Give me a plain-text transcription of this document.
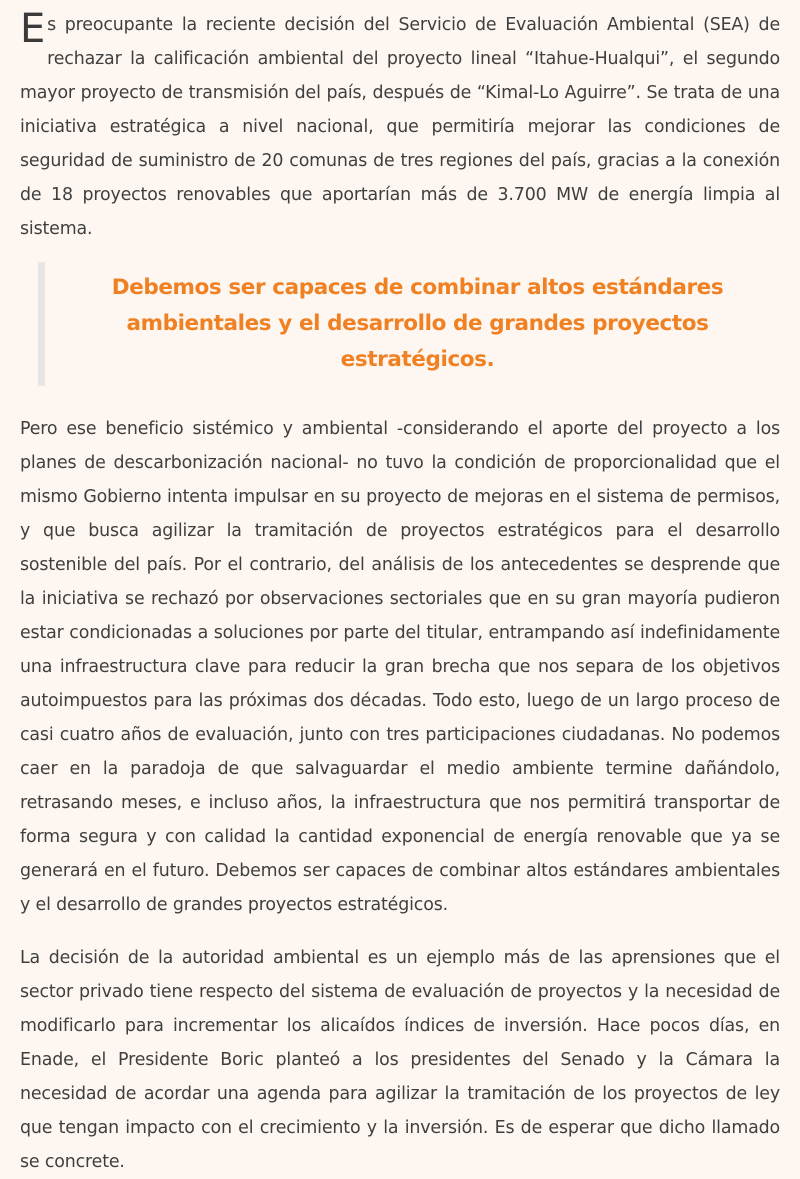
Es preocupante la reciente decisión del Servicio de Evaluación Ambiental (SEA) de rechazar la calificación ambiental del proyecto lineal “Itahue-Hualqui”, el segundo mayor proyecto de transmisión del país, después de “Kimal-Lo Aguirre”. Se trata de una iniciativa estratégica a nivel nacional, que permitiría mejorar las condiciones de seguridad de suministro de 20 comunas de tres regiones del país, gracias a la conexión de 18 proyectos renovables que aportarían más de 3.700 MW de energía limpia al sistema.

Debemos ser capaces de combinar altos estándares ambientales y el desarrollo de grandes proyectos estratégicos.

Pero ese beneficio sistémico y ambiental -considerando el aporte del proyecto a los planes de descarbonización nacional- no tuvo la condición de proporcionalidad que el mismo Gobierno intenta impulsar en su proyecto de mejoras en el sistema de permisos, y que busca agilizar la tramitación de proyectos estratégicos para el desarrollo sostenible del país. Por el contrario, del análisis de los antecedentes se desprende que la iniciativa se rechazó por observaciones sectoriales que en su gran mayoría pudieron estar condicionadas a soluciones por parte del titular, entrampando así indefinidamente una infraestructura clave para reducir la gran brecha que nos separa de los objetivos autoimpuestos para las próximas dos décadas. Todo esto, luego de un largo proceso de casi cuatro años de evaluación, junto con tres participaciones ciudadanas. No podemos caer en la paradoja de que salvaguardar el medio ambiente termine dañándolo, retrasando meses, e incluso años, la infraestructura que nos permitirá transportar de forma segura y con calidad la cantidad exponencial de energía renovable que ya se generará en el futuro. Debemos ser capaces de combinar altos estándares ambientales y el desarrollo de grandes proyectos estratégicos.

La decisión de la autoridad ambiental es un ejemplo más de las aprensiones que el sector privado tiene respecto del sistema de evaluación de proyectos y la necesidad de modificarlo para incrementar los alicaídos índices de inversión. Hace pocos días, en Enade, el Presidente Boric planteó a los presidentes del Senado y la Cámara la necesidad de acordar una agenda para agilizar la tramitación de los proyectos de ley que tengan impacto con el crecimiento y la inversión. Es de esperar que dicho llamado se concrete.
